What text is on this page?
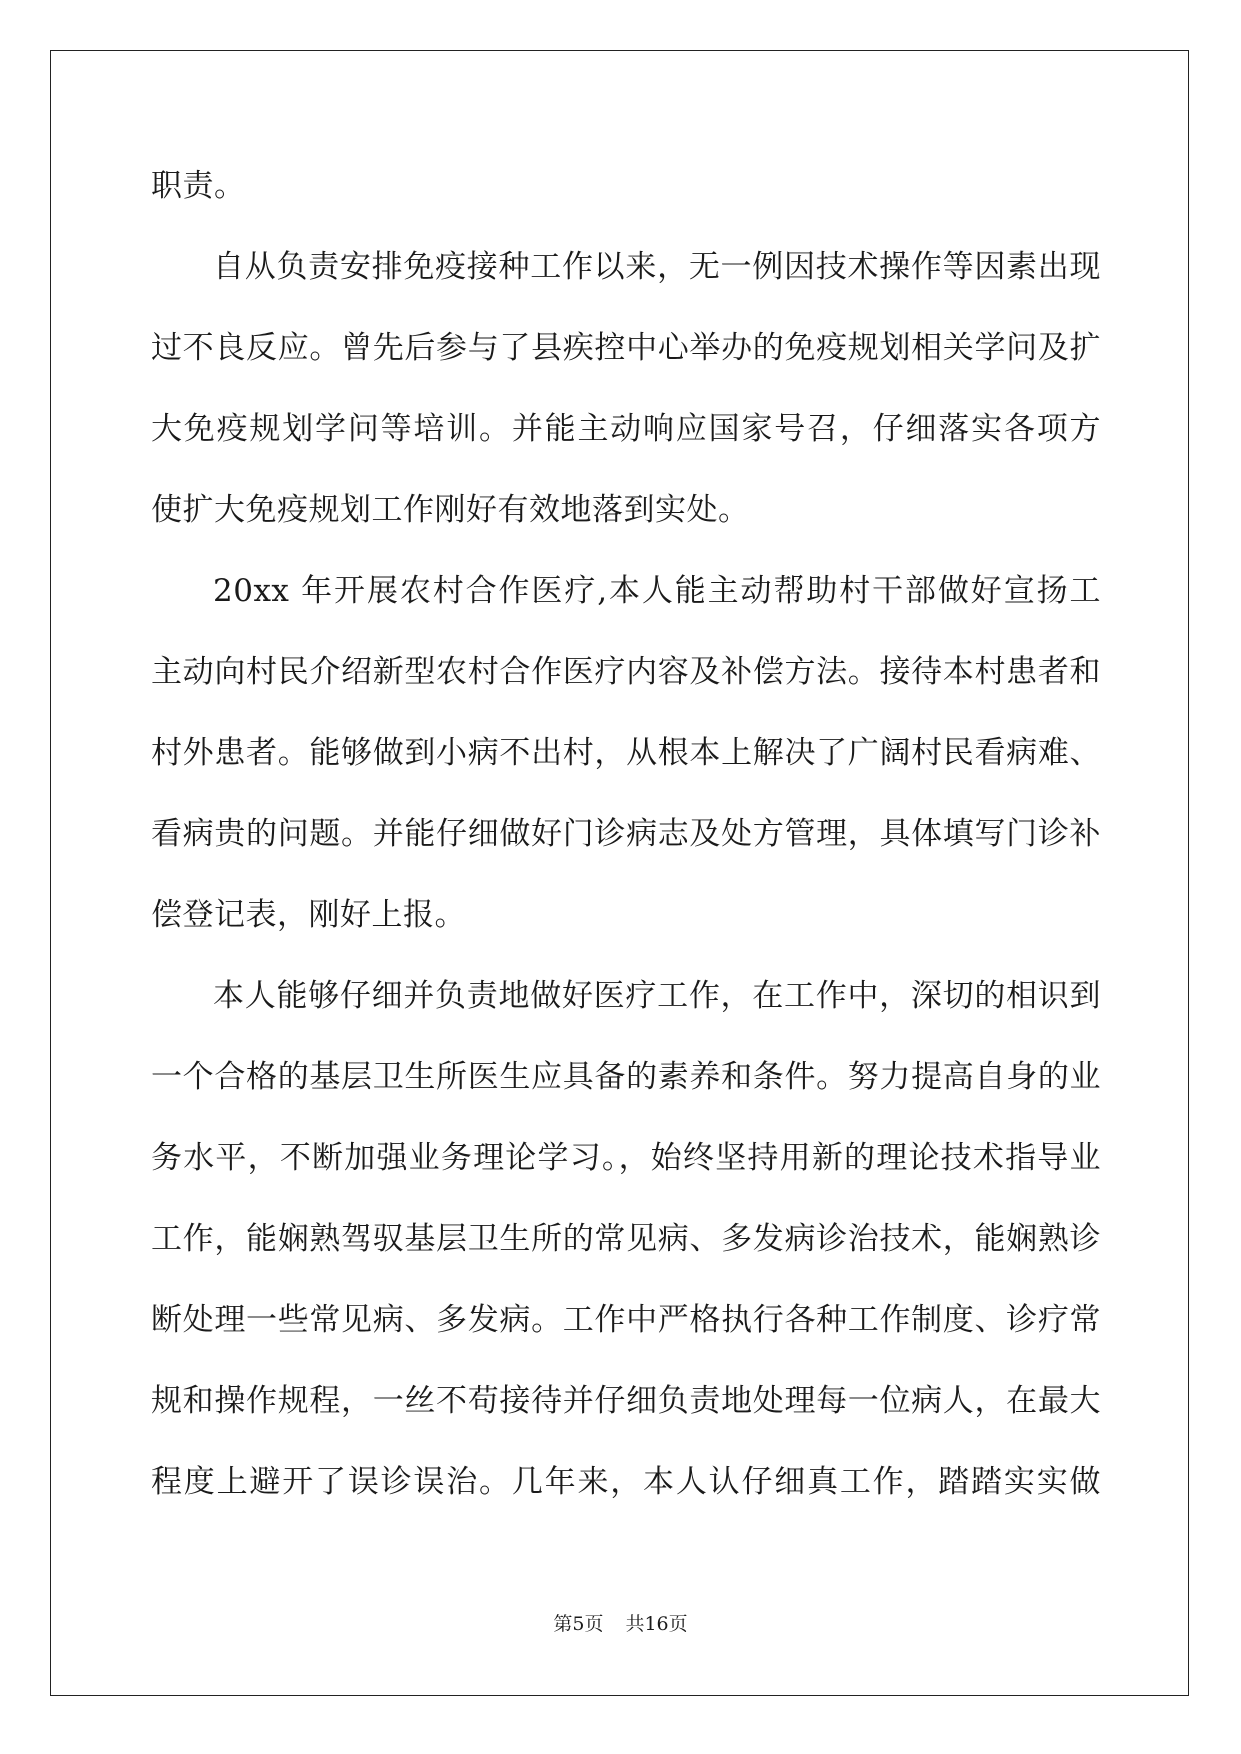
职责。
自从负责安排免疫接种工作以来，无一例因技术操作等因素出现
过不良反应。曾先后参与了县疾控中心举办的免疫规划相关学问及扩
大免疫规划学问等培训。并能主动响应国家号召，仔细落实各项方
使扩大免疫规划工作刚好有效地落到实处。
20xx 年开展农村合作医疗,本人能主动帮助村干部做好宣扬工
主动向村民介绍新型农村合作医疗内容及补偿方法。接待本村患者和
村外患者。能够做到小病不出村，从根本上解决了广阔村民看病难、
看病贵的问题。并能仔细做好门诊病志及处方管理，具体填写门诊补
偿登记表，刚好上报。
本人能够仔细并负责地做好医疗工作，在工作中，深切的相识到
一个合格的基层卫生所医生应具备的素养和条件。努力提高自身的业
务水平，不断加强业务理论学习。，始终坚持用新的理论技术指导业
工作，能娴熟驾驭基层卫生所的常见病、多发病诊治技术，能娴熟诊
断处理一些常见病、多发病。工作中严格执行各种工作制度、诊疗常
规和操作规程，一丝不苟接待并仔细负责地处理每一位病人，在最大
程度上避开了误诊误治。几年来，本人认仔细真工作，踏踏实实做
第5页 共16页
